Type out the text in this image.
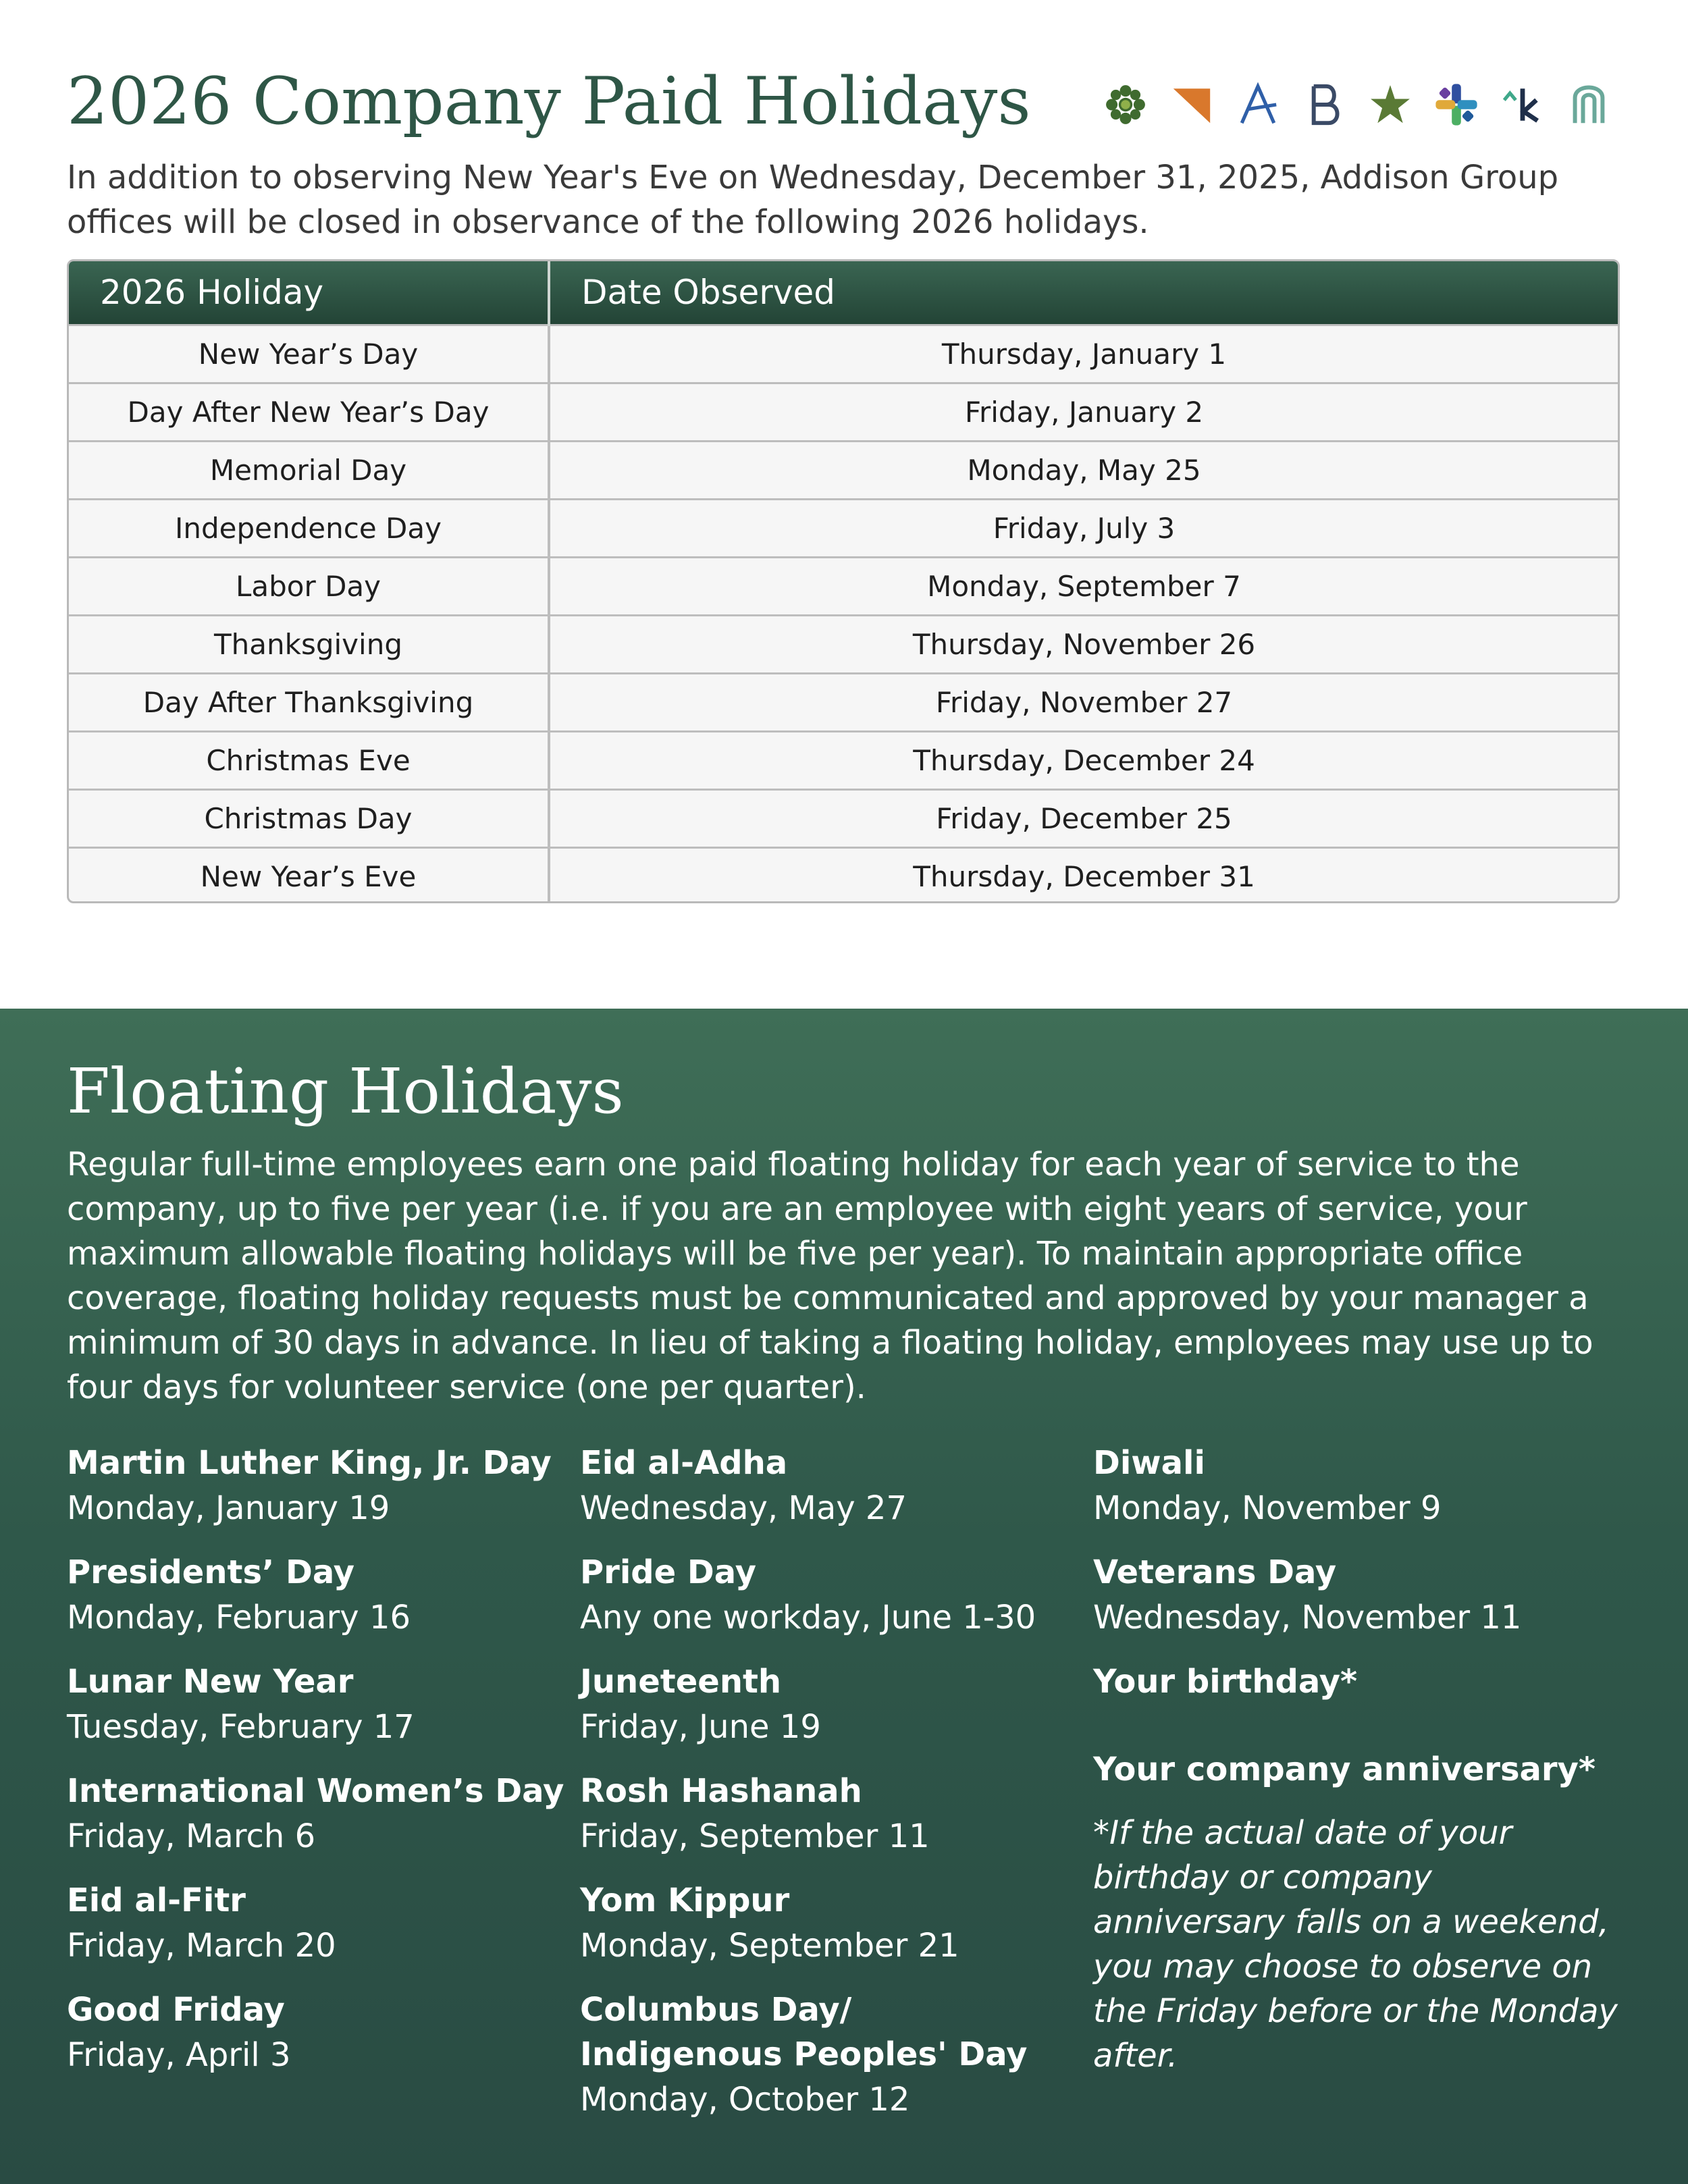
2026 Company Paid Holidays

In addition to observing New Year's Eve on Wednesday, December 31, 2025, Addison Group offices will be closed in observance of the following 2026 holidays.

2026 Holiday	Date Observed
New Year’s Day	Thursday, January 1
Day After New Year’s Day	Friday, January 2
Memorial Day	Monday, May 25
Independence Day	Friday, July 3
Labor Day	Monday, September 7
Thanksgiving	Thursday, November 26
Day After Thanksgiving	Friday, November 27
Christmas Eve	Thursday, December 24
Christmas Day	Friday, December 25
New Year’s Eve	Thursday, December 31
Floating Holidays

Regular full-time employees earn one paid floating holiday for each year of service to the company, up to five per year (i.e. if you are an employee with eight years of service, your maximum allowable floating holidays will be five per year). To maintain appropriate office coverage, floating holiday requests must be communicated and approved by your manager a minimum of 30 days in advance. In lieu of taking a floating holiday, employees may use up to four days for volunteer service (one per quarter).

Martin Luther King, Jr. Day
Monday, January 19
Presidents’ Day
Monday, February 16
Lunar New Year
Tuesday, February 17
International Women’s Day
Friday, March 6
Eid al-Fitr
Friday, March 20
Good Friday
Friday, April 3
Eid al-Adha
Wednesday, May 27
Pride Day
Any one workday, June 1-30
Juneteenth
Friday, June 19
Rosh Hashanah
Friday, September 11
Yom Kippur
Monday, September 21
Columbus Day/
Indigenous Peoples' Day
Monday, October 12
Diwali
Monday, November 9
Veterans Day
Wednesday, November 11
Your birthday*
Your company anniversary*

*If the actual date of your birthday or company anniversary falls on a weekend, you may choose to observe on the Friday before or the Monday after.
